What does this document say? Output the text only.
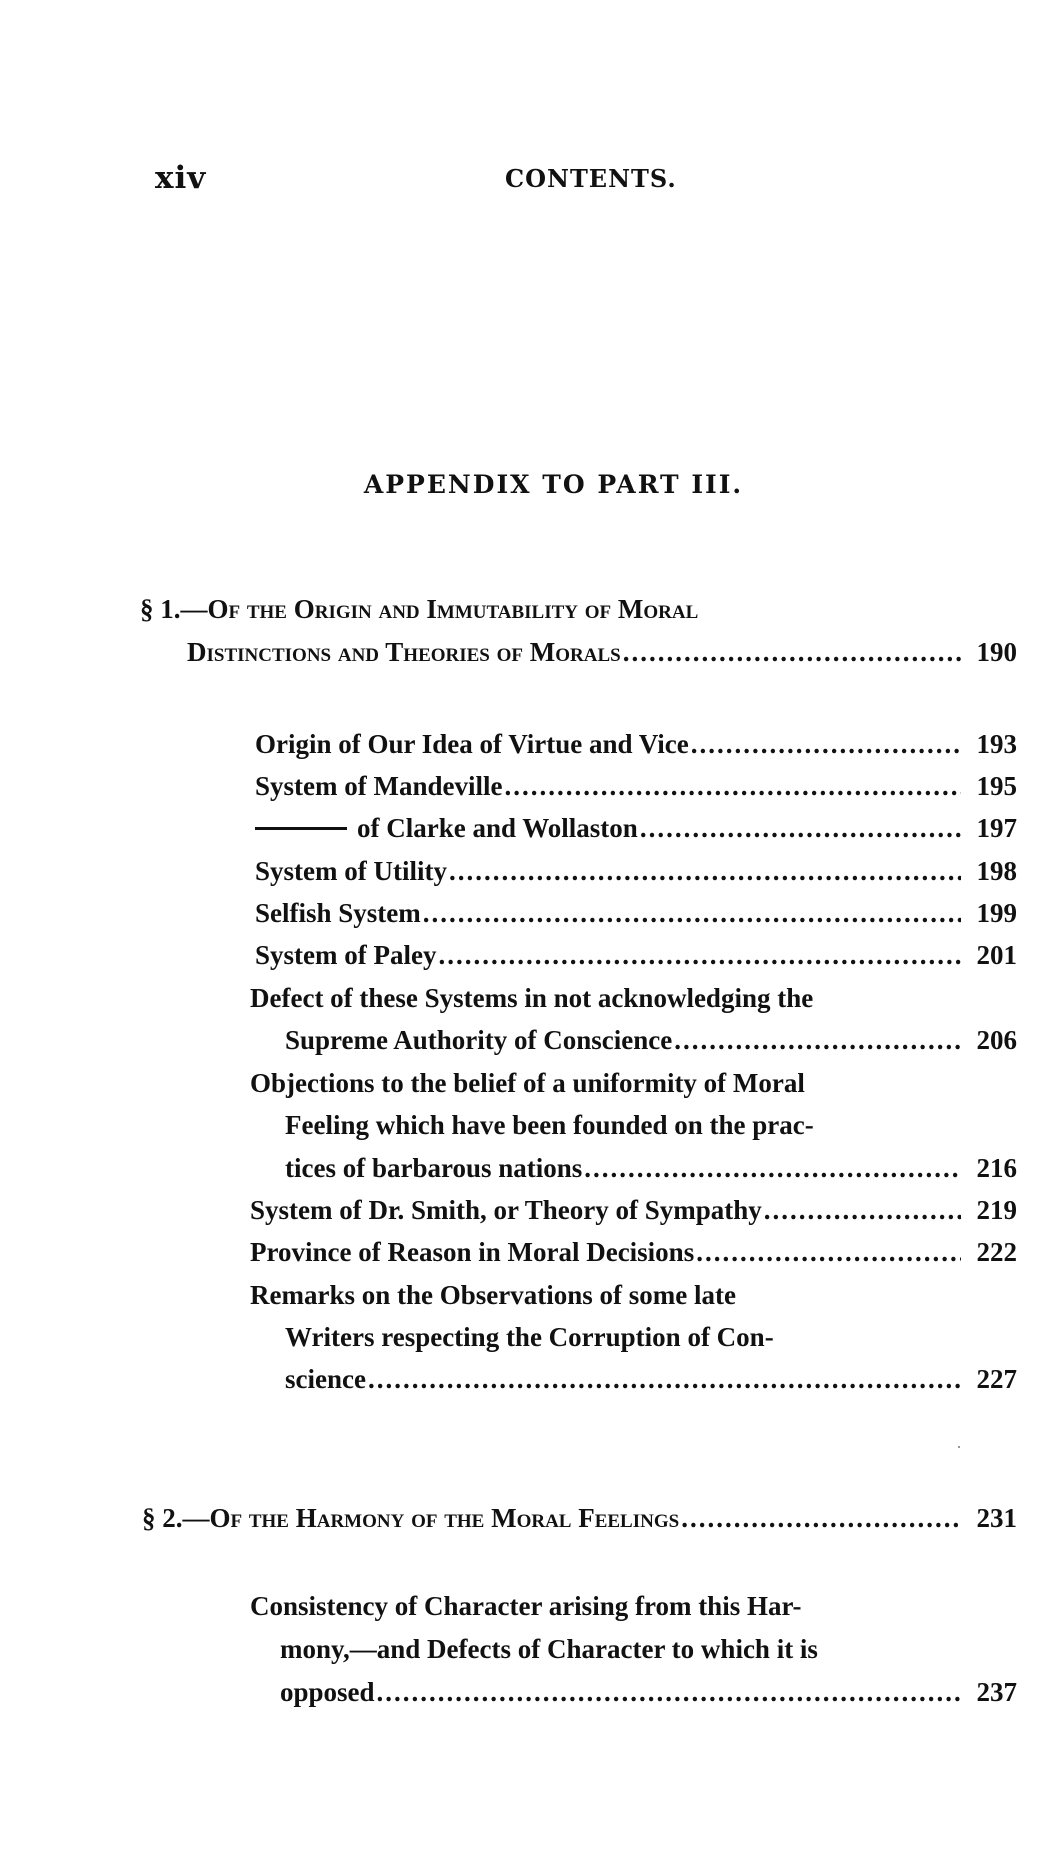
xiv	CONTENTS.
APPENDIX TO PART III.
§ 1.—Of the Origin and Immutability of Moral
Distinctions and Theories of Morals .....	190
Origin of Our Idea of Virtue and Vice .....	193
System of Mandeville .....	195
of Clarke and Wollaston .....	197
System of Utility .....	198
Selfish System .....	199
System of Paley .....	201
Defect of these Systems in not acknowledging the
Supreme Authority of Conscience .....	206
Objections to the belief of a uniformity of Moral
Feeling which have been founded on the prac-
tices of barbarous nations .....	216
System of Dr. Smith, or Theory of Sympathy .....	219
Province of Reason in Moral Decisions .....	222
Remarks on the Observations of some late
Writers respecting the Corruption of Con-
science .....	227
§ 2.—Of the Harmony of the Moral Feelings .....	231
Consistency of Character arising from this Har-
mony,—and Defects of Character to which it is
opposed .....	237
